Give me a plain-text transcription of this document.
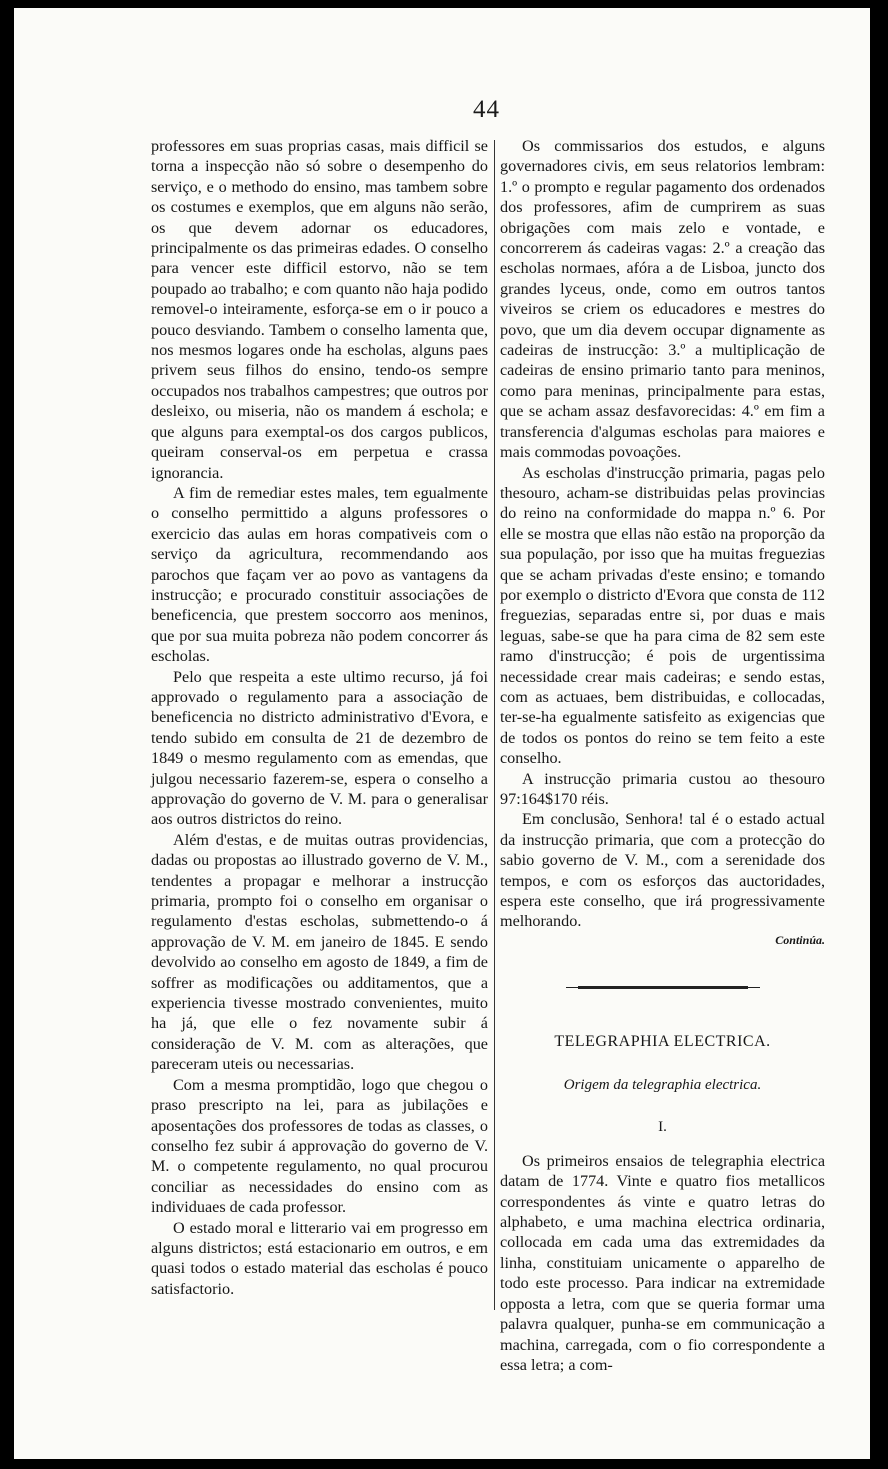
44

professores em suas proprias casas, mais difficil se torna a inspecção não só sobre o desempenho do serviço, e o methodo do ensino, mas tambem sobre os costumes e exemplos, que em alguns não serão, os que devem adornar os educadores, principalmente os das primeiras edades. O conselho para vencer este difficil estorvo, não se tem poupado ao trabalho; e com quanto não haja podido removel-o inteiramente, esforça-se em o ir pouco a pouco desviando. Tambem o conselho lamenta que, nos mesmos logares onde ha escholas, alguns paes privem seus filhos do ensino, tendo-os sempre occupados nos trabalhos campestres; que outros por desleixo, ou miseria, não os mandem á eschola; e que alguns para exemptal-os dos cargos publicos, queiram conserval-os em perpetua e crassa ignorancia.

A fim de remediar estes males, tem egualmente o conselho permittido a alguns professores o exercicio das aulas em horas compativeis com o serviço da agricultura, recommendando aos parochos que façam ver ao povo as vantagens da instrucção; e procurado constituir associações de beneficencia, que prestem soccorro aos meninos, que por sua muita pobreza não podem concorrer ás escholas.

Pelo que respeita a este ultimo recurso, já foi approvado o regulamento para a associação de beneficencia no districto administrativo d'Evora, e tendo subido em consulta de 21 de dezembro de 1849 o mesmo regulamento com as emendas, que julgou necessario fazerem-se, espera o conselho a approvação do governo de V. M. para o generalisar aos outros districtos do reino.

Além d'estas, e de muitas outras providencias, dadas ou propostas ao illustrado governo de V. M., tendentes a propagar e melhorar a instrucção primaria, prompto foi o conselho em organisar o regulamento d'estas escholas, submettendo-o á approvação de V. M. em janeiro de 1845. E sendo devolvido ao conselho em agosto de 1849, a fim de soffrer as modificações ou additamentos, que a experiencia tivesse mostrado convenientes, muito ha já, que elle o fez novamente subir á consideração de V. M. com as alterações, que pareceram uteis ou necessarias.

Com a mesma promptidão, logo que chegou o praso prescripto na lei, para as jubilações e aposentações dos professores de todas as classes, o conselho fez subir á approvação do governo de V. M. o competente regulamento, no qual procurou conciliar as necessidades do ensino com as individuaes de cada professor.

O estado moral e litterario vai em progresso em alguns districtos; está estacionario em outros, e em quasi todos o estado material das escholas é pouco satisfactorio.

Os commissarios dos estudos, e alguns governadores civis, em seus relatorios lembram: 1.º o prompto e regular pagamento dos ordenados dos professores, afim de cumprirem as suas obrigações com mais zelo e vontade, e concorrerem ás cadeiras vagas: 2.º a creação das escholas normaes, afóra a de Lisboa, juncto dos grandes lyceus, onde, como em outros tantos viveiros se criem os educadores e mestres do povo, que um dia devem occupar dignamente as cadeiras de instrucção: 3.º a multiplicação de cadeiras de ensino primario tanto para meninos, como para meninas, principalmente para estas, que se acham assaz desfavorecidas: 4.º em fim a transferencia d'algumas escholas para maiores e mais commodas povoações.

As escholas d'instrucção primaria, pagas pelo thesouro, acham-se distribuidas pelas provincias do reino na conformidade do mappa n.º 6. Por elle se mostra que ellas não estão na proporção da sua população, por isso que ha muitas freguezias que se acham privadas d'este ensino; e tomando por exemplo o districto d'Evora que consta de 112 freguezias, separadas entre si, por duas e mais leguas, sabe-se que ha para cima de 82 sem este ramo d'instrucção; é pois de urgentissima necessidade crear mais cadeiras; e sendo estas, com as actuaes, bem distribuidas, e collocadas, ter-se-ha egualmente satisfeito as exigencias que de todos os pontos do reino se tem feito a este conselho.

A instrucção primaria custou ao thesouro 97:164$170 réis.

Em conclusão, Senhora! tal é o estado actual da instrucção primaria, que com a protecção do sabio governo de V. M., com a serenidade dos tempos, e com os esforços das auctoridades, espera este conselho, que irá progressivamente melhorando.

Continúa.

TELEGRAPHIA ELECTRICA.
Origem da telegraphia electrica.
I.

Os primeiros ensaios de telegraphia electrica datam de 1774. Vinte e quatro fios metallicos correspondentes ás vinte e quatro letras do alphabeto, e uma machina electrica ordinaria, collocada em cada uma das extremidades da linha, constituiam unicamente o apparelho de todo este processo. Para indicar na extremidade opposta a letra, com que se queria formar uma palavra qualquer, punha-se em communicação a machina, carregada, com o fio correspondente a essa letra; a com-
